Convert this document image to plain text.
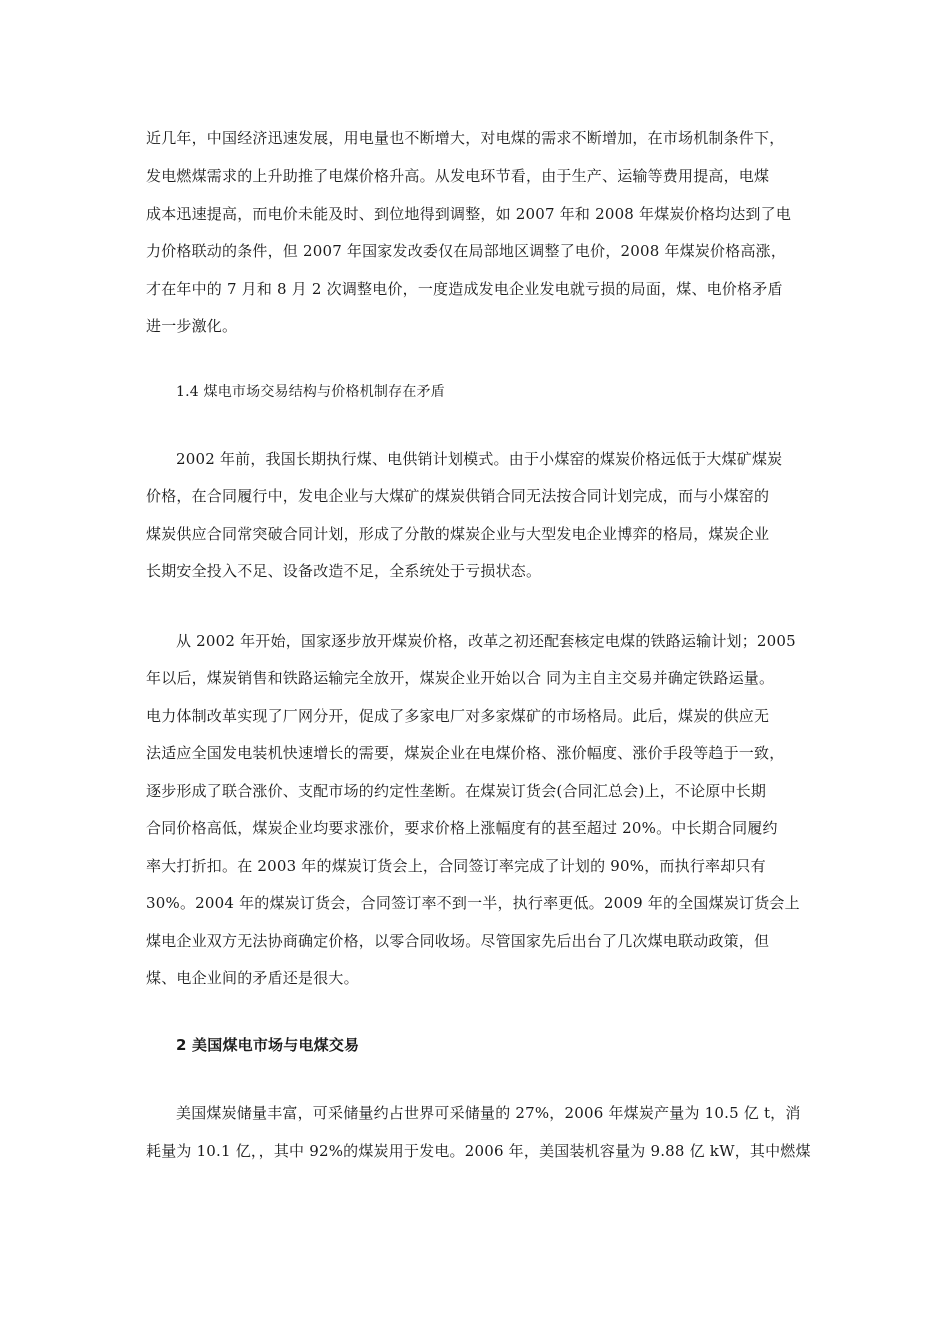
近几年，中国经济迅速发展，用电量也不断增大，对电煤的需求不断增加，在市场机制条件下，
发电燃煤需求的上升助推了电煤价格升高。从发电环节看，由于生产、运输等费用提高，电煤
成本迅速提高，而电价未能及时、到位地得到调整，如 2007 年和 2008 年煤炭价格均达到了电
力价格联动的条件，但 2007 年国家发改委仅在局部地区调整了电价，2008 年煤炭价格高涨，
才在年中的 7 月和 8 月 2 次调整电价，一度造成发电企业发电就亏损的局面，煤、电价格矛盾
进一步激化。
1.4 煤电市场交易结构与价格机制存在矛盾
2002 年前，我国长期执行煤、电供销计划模式。由于小煤窑的煤炭价格远低于大煤矿煤炭
价格，在合同履行中，发电企业与大煤矿的煤炭供销合同无法按合同计划完成，而与小煤窑的
煤炭供应合同常突破合同计划，形成了分散的煤炭企业与大型发电企业博弈的格局，煤炭企业
长期安全投入不足、设备改造不足，全系统处于亏损状态。
从 2002 年开始，国家逐步放开煤炭价格，改革之初还配套核定电煤的铁路运输计划；2005
年以后，煤炭销售和铁路运输完全放开，煤炭企业开始以合 同为主自主交易并确定铁路运量。
电力体制改革实现了厂网分开，促成了多家电厂对多家煤矿的市场格局。此后，煤炭的供应无
法适应全国发电装机快速增长的需要，煤炭企业在电煤价格、涨价幅度、涨价手段等趋于一致，
逐步形成了联合涨价、支配市场的约定性垄断。在煤炭订货会(合同汇总会)上，不论原中长期
合同价格高低，煤炭企业均要求涨价，要求价格上涨幅度有的甚至超过 20%。中长期合同履约
率大打折扣。在 2003 年的煤炭订货会上，合同签订率完成了计划的 90%，而执行率却只有
30%。2004 年的煤炭订货会，合同签订率不到一半，执行率更低。2009 年的全国煤炭订货会上
煤电企业双方无法协商确定价格，以零合同收场。尽管国家先后出台了几次煤电联动政策，但
煤、电企业间的矛盾还是很大。
2 美国煤电市场与电煤交易
美国煤炭储量丰富，可采储量约占世界可采储量的 27%，2006 年煤炭产量为 10.5 亿 t，消
耗量为 10.1 亿，，其中 92%的煤炭用于发电。2006 年，美国装机容量为 9.88 亿 kW，其中燃煤
